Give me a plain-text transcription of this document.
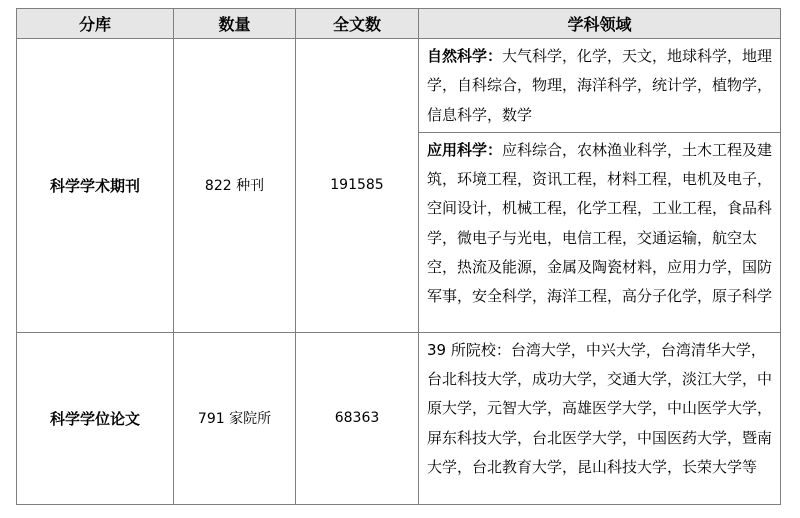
分库	数量	全文数	学科领域
科学学术期刊	822 种刊	191585	自然科学：大气科学，化学，天文，地球科学，地理学，自科综合，物理，海洋科学，统计学，植物学，信息科学，数学
			应用科学：应科综合，农林渔业科学，土木工程及建筑，环境工程，资讯工程，材料工程，电机及电子，空间设计，机械工程，化学工程，工业工程，食品科学，微电子与光电，电信工程，交通运输，航空太空，热流及能源，金属及陶瓷材料，应用力学，国防军事，安全科学，海洋工程，高分子化学，原子科学
科学学位论文	791 家院所	68363	39 所院校：台湾大学，中兴大学，台湾清华大学，台北科技大学，成功大学，交通大学，淡江大学，中原大学，元智大学，高雄医学大学，中山医学大学，屏东科技大学，台北医学大学，中国医药大学，暨南大学，台北教育大学，昆山科技大学，长荣大学等
